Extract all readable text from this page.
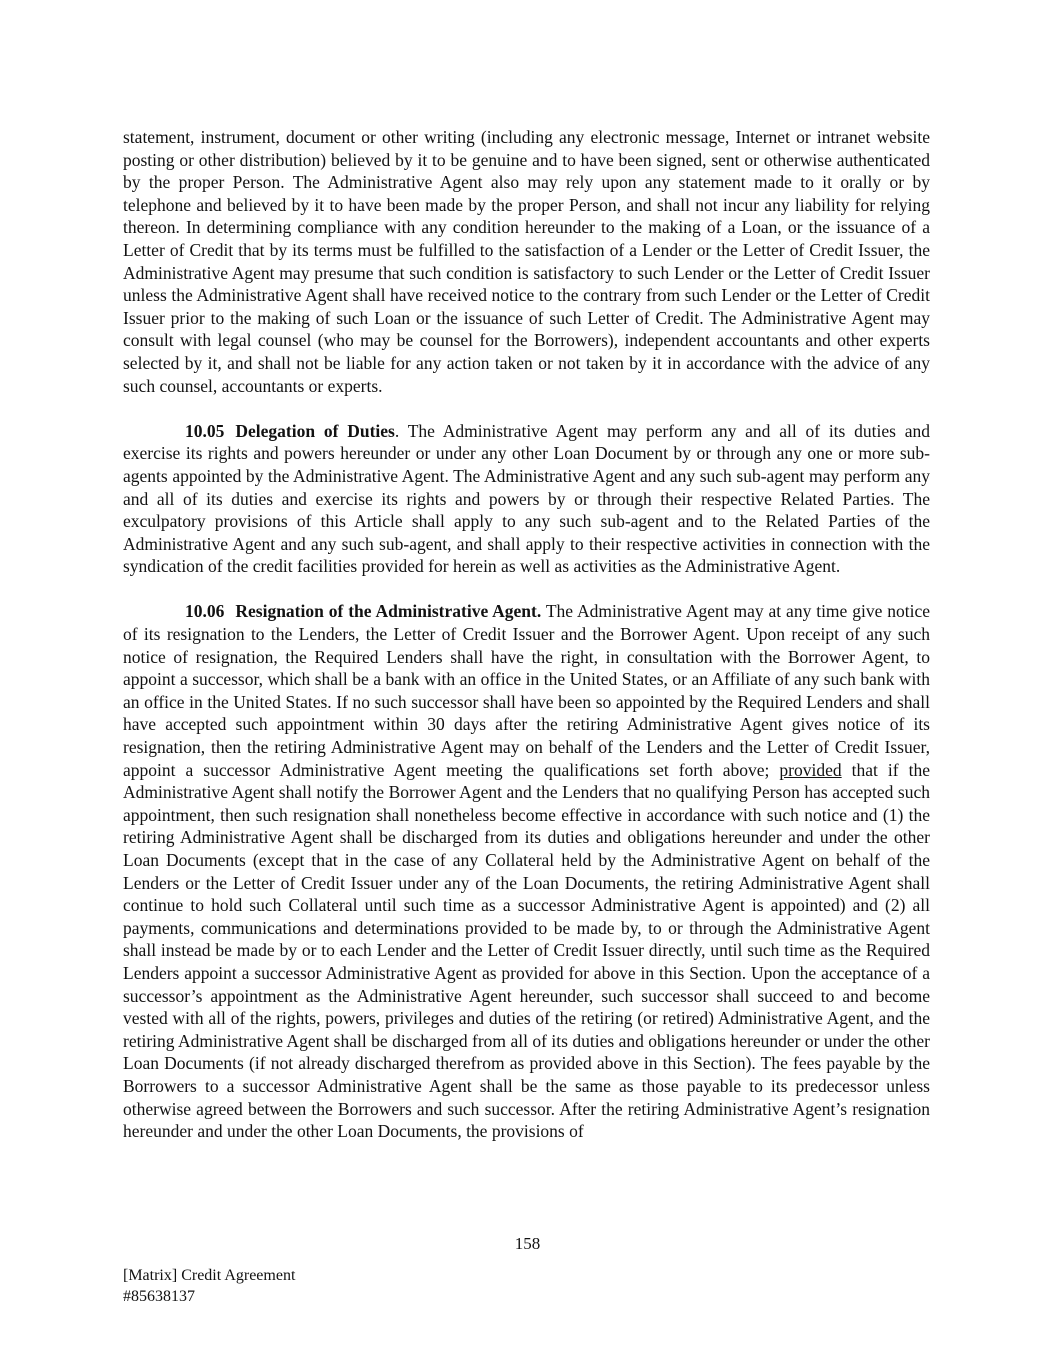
statement, instrument, document or other writing (including any electronic message, Internet or intranet website posting or other distribution) believed by it to be genuine and to have been signed, sent or otherwise authenticated by the proper Person. The Administrative Agent also may rely upon any statement made to it orally or by telephone and believed by it to have been made by the proper Person, and shall not incur any liability for relying thereon. In determining compliance with any condition hereunder to the making of a Loan, or the issuance of a Letter of Credit that by its terms must be fulfilled to the satisfaction of a Lender or the Letter of Credit Issuer, the Administrative Agent may presume that such condition is satisfactory to such Lender or the Letter of Credit Issuer unless the Administrative Agent shall have received notice to the contrary from such Lender or the Letter of Credit Issuer prior to the making of such Loan or the issuance of such Letter of Credit. The Administrative Agent may consult with legal counsel (who may be counsel for the Borrowers), independent accountants and other experts selected by it, and shall not be liable for any action taken or not taken by it in accordance with the advice of any such counsel, accountants or experts.

10.05 Delegation of Duties. The Administrative Agent may perform any and all of its duties and exercise its rights and powers hereunder or under any other Loan Document by or through any one or more sub-agents appointed by the Administrative Agent. The Administrative Agent and any such sub-agent may perform any and all of its duties and exercise its rights and powers by or through their respective Related Parties. The exculpatory provisions of this Article shall apply to any such sub-agent and to the Related Parties of the Administrative Agent and any such sub-agent, and shall apply to their respective activities in connection with the syndication of the credit facilities provided for herein as well as activities as the Administrative Agent.

10.06 Resignation of the Administrative Agent. The Administrative Agent may at any time give notice of its resignation to the Lenders, the Letter of Credit Issuer and the Borrower Agent. Upon receipt of any such notice of resignation, the Required Lenders shall have the right, in consultation with the Borrower Agent, to appoint a successor, which shall be a bank with an office in the United States, or an Affiliate of any such bank with an office in the United States. If no such successor shall have been so appointed by the Required Lenders and shall have accepted such appointment within 30 days after the retiring Administrative Agent gives notice of its resignation, then the retiring Administrative Agent may on behalf of the Lenders and the Letter of Credit Issuer, appoint a successor Administrative Agent meeting the qualifications set forth above; provided that if the Administrative Agent shall notify the Borrower Agent and the Lenders that no qualifying Person has accepted such appointment, then such resignation shall nonetheless become effective in accordance with such notice and (1) the retiring Administrative Agent shall be discharged from its duties and obligations hereunder and under the other Loan Documents (except that in the case of any Collateral held by the Administrative Agent on behalf of the Lenders or the Letter of Credit Issuer under any of the Loan Documents, the retiring Administrative Agent shall continue to hold such Collateral until such time as a successor Administrative Agent is appointed) and (2) all payments, communications and determinations provided to be made by, to or through the Administrative Agent shall instead be made by or to each Lender and the Letter of Credit Issuer directly, until such time as the Required Lenders appoint a successor Administrative Agent as provided for above in this Section. Upon the acceptance of a successor’s appointment as the Administrative Agent hereunder, such successor shall succeed to and become vested with all of the rights, powers, privileges and duties of the retiring (or retired) Administrative Agent, and the retiring Administrative Agent shall be discharged from all of its duties and obligations hereunder or under the other Loan Documents (if not already discharged therefrom as provided above in this Section). The fees payable by the Borrowers to a successor Administrative Agent shall be the same as those payable to its predecessor unless otherwise agreed between the Borrowers and such successor. After the retiring Administrative Agent’s resignation hereunder and under the other Loan Documents, the provisions of

158
[Matrix] Credit Agreement
#85638137
